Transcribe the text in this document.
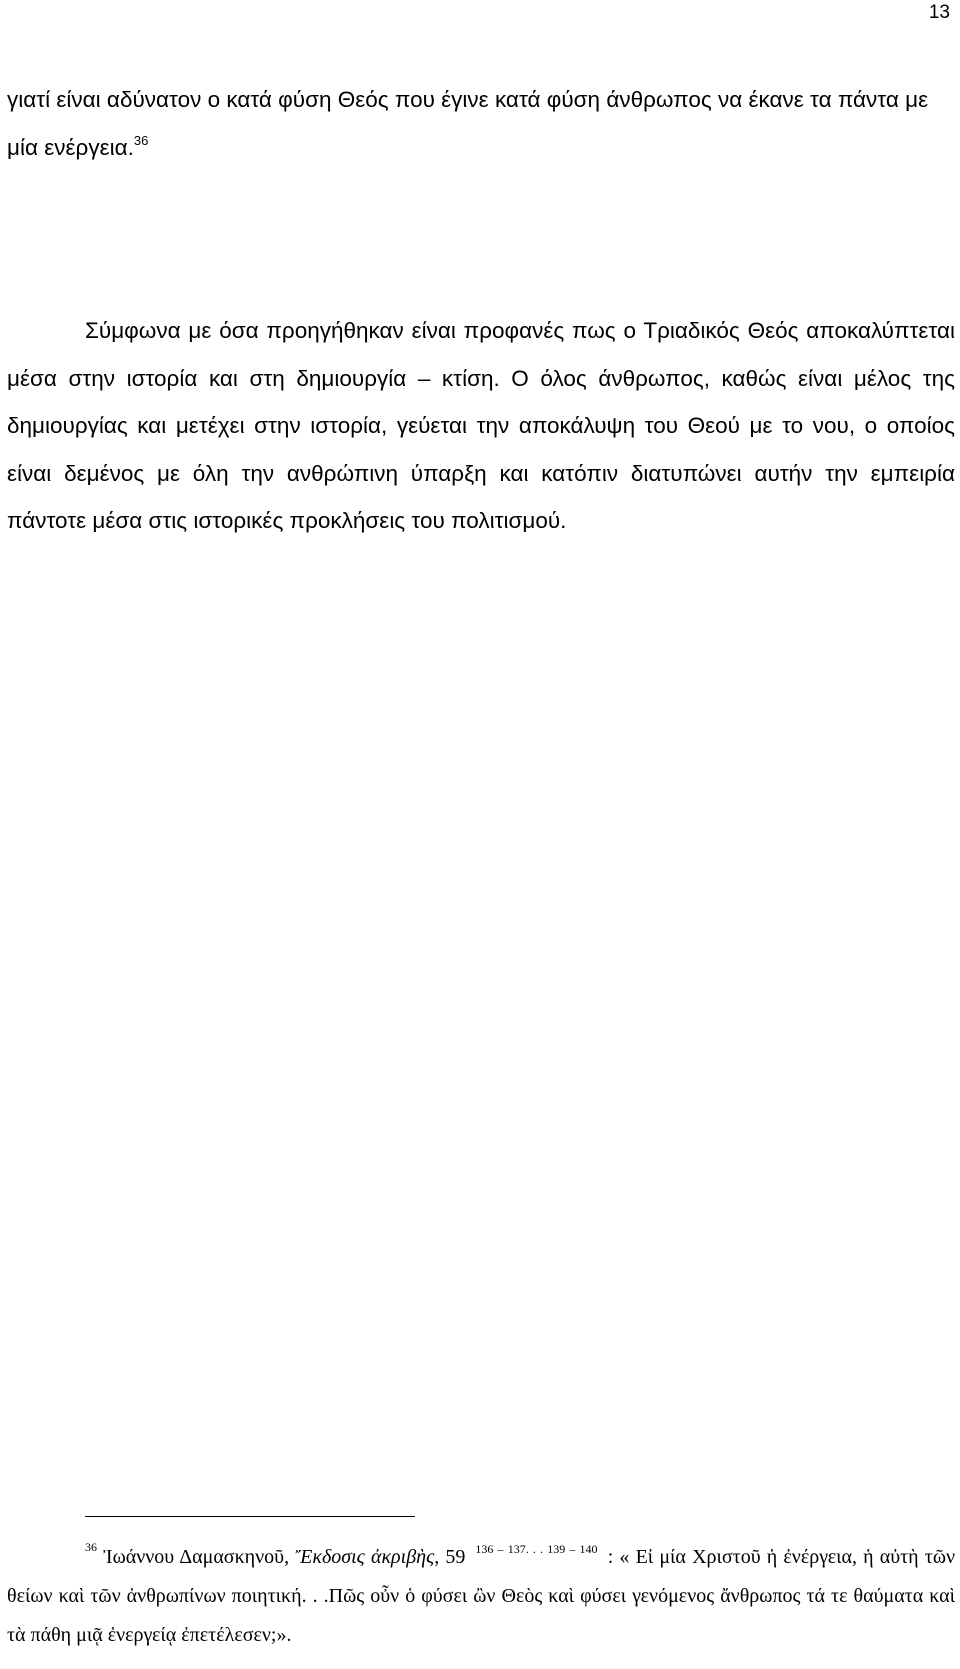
13

γιατί είναι αδύνατον ο κατά φύση Θεός που έγινε κατά φύση άνθρωπος να έκανε τα πάντα με μία ενέργεια.$^{36}$

Σύμφωνα με όσα προηγήθηκαν είναι προφανές πως ο Τριαδικός Θεός αποκαλύπτεται μέσα στην ιστορία και στη δημιουργία – κτίση. Ο όλος άνθρωπος, καθώς είναι μέλος της δημιουργίας και μετέχει στην ιστορία, γεύεται την αποκάλυψη του Θεού με το νου, ο οποίος είναι δεμένος με όλη την ανθρώπινη ύπαρξη και κατόπιν διατυπώνει αυτήν την εμπειρία πάντοτε μέσα στις ιστορικές προκλήσεις του πολιτισμού.

$^{36}$ Ἰωάννου Δαμασκηνοῦ, Ἔκδοσις ἀκριβὴς, 59 $^{136 - 137. . . 139 - 140}$ : « Εἰ μία Χριστοῦ ἡ ἐνέργεια, ἡ αὐτὴ τῶν θείων καὶ τῶν ἀνθρωπίνων ποιητική. . .Πῶς οὖν ὁ φύσει ὢν Θεὸς καὶ φύσει γενόμενος ἄνθρωπος τά τε θαύματα καὶ τὰ πάθη μιᾷ ἐνεργείᾳ ἐπετέλεσεν;».
